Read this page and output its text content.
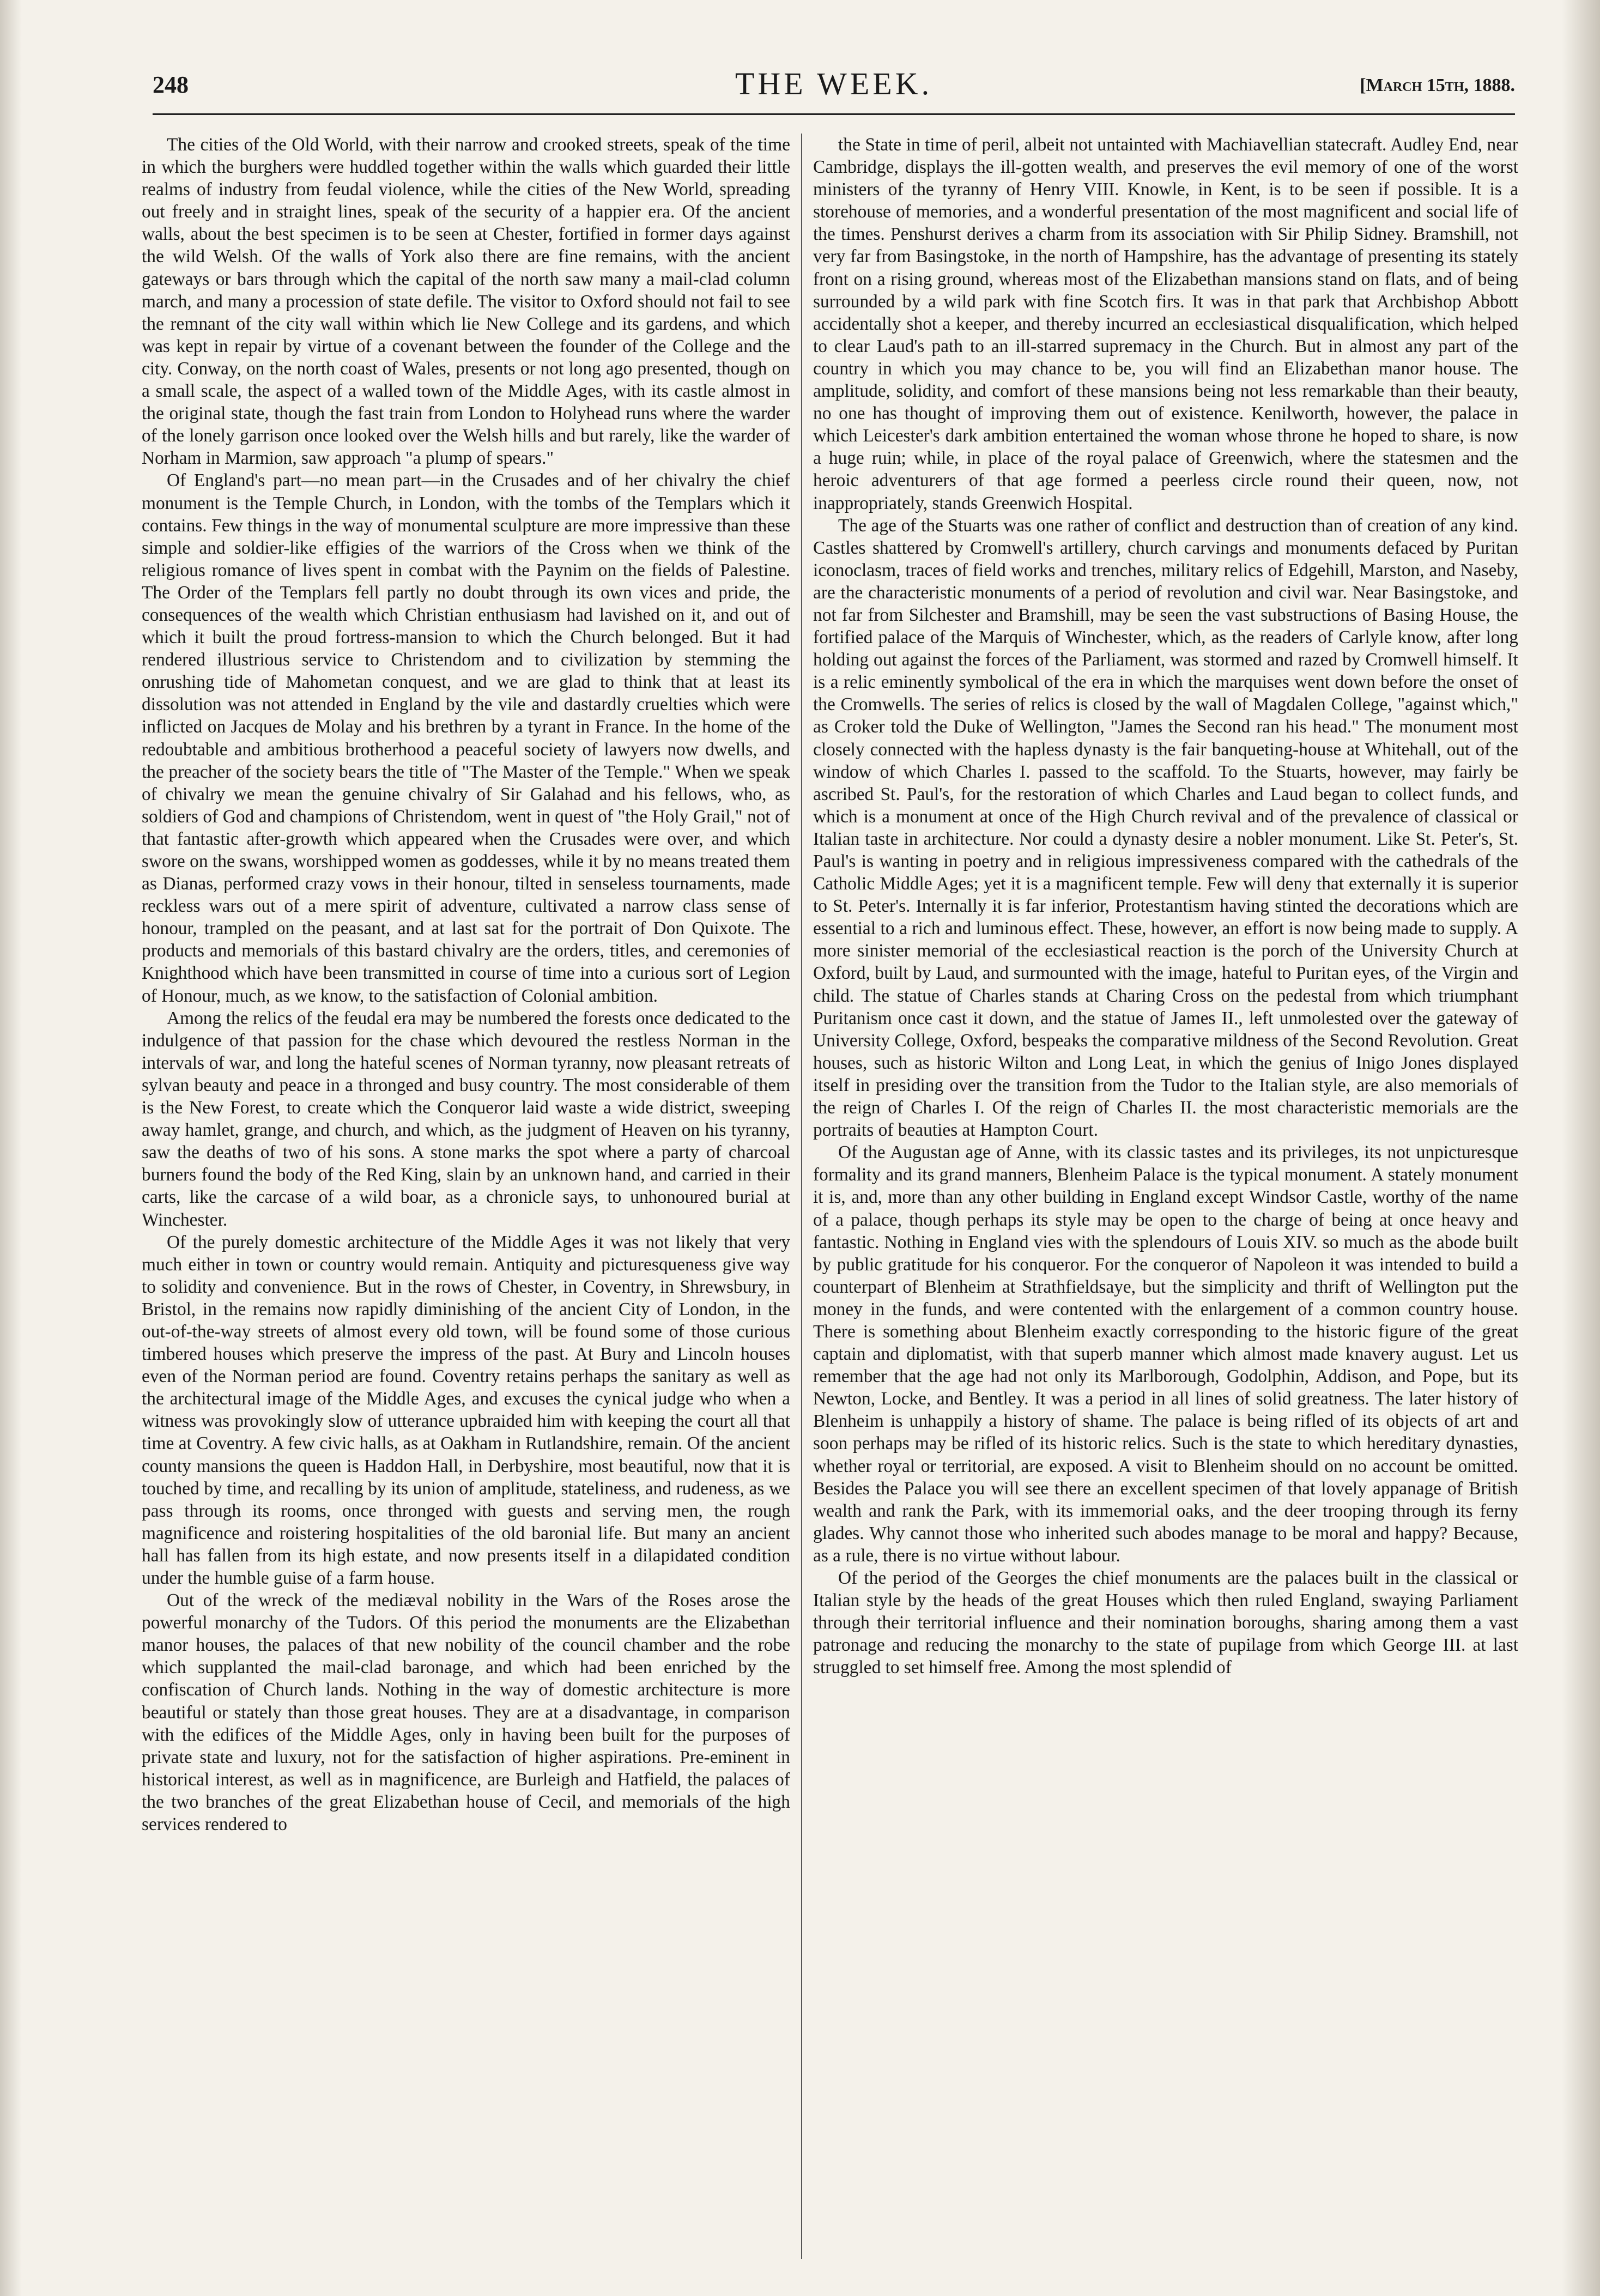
248	THE WEEK.	[March 15th, 1888.

The cities of the Old World, with their narrow and crooked streets, speak of the time in which the burghers were huddled together within the walls which guarded their little realms of industry from feudal violence, while the cities of the New World, spreading out freely and in straight lines, speak of the security of a happier era. Of the ancient walls, about the best specimen is to be seen at Chester, fortified in former days against the wild Welsh. Of the walls of York also there are fine remains, with the ancient gateways or bars through which the capital of the north saw many a mail-clad column march, and many a procession of state defile. The visitor to Oxford should not fail to see the remnant of the city wall within which lie New College and its gardens, and which was kept in repair by virtue of a covenant between the founder of the College and the city. Conway, on the north coast of Wales, presents or not long ago presented, though on a small scale, the aspect of a walled town of the Middle Ages, with its castle almost in the original state, though the fast train from London to Holyhead runs where the warder of the lonely garrison once looked over the Welsh hills and but rarely, like the warder of Norham in Marmion, saw approach "a plump of spears."

Of England's part—no mean part—in the Crusades and of her chivalry the chief monument is the Temple Church, in London, with the tombs of the Templars which it contains. Few things in the way of monumental sculpture are more impressive than these simple and soldier-like effigies of the warriors of the Cross when we think of the religious romance of lives spent in combat with the Paynim on the fields of Palestine. The Order of the Templars fell partly no doubt through its own vices and pride, the consequences of the wealth which Christian enthusiasm had lavished on it, and out of which it built the proud fortress-mansion to which the Church belonged. But it had rendered illustrious service to Christendom and to civilization by stemming the onrushing tide of Mahometan conquest, and we are glad to think that at least its dissolution was not attended in England by the vile and dastardly cruelties which were inflicted on Jacques de Molay and his brethren by a tyrant in France. In the home of the redoubtable and ambitious brotherhood a peaceful society of lawyers now dwells, and the preacher of the society bears the title of "The Master of the Temple." When we speak of chivalry we mean the genuine chivalry of Sir Galahad and his fellows, who, as soldiers of God and champions of Christendom, went in quest of "the Holy Grail," not of that fantastic after-growth which appeared when the Crusades were over, and which swore on the swans, worshipped women as goddesses, while it by no means treated them as Dianas, performed crazy vows in their honour, tilted in senseless tournaments, made reckless wars out of a mere spirit of adventure, cultivated a narrow class sense of honour, trampled on the peasant, and at last sat for the portrait of Don Quixote. The products and memorials of this bastard chivalry are the orders, titles, and ceremonies of Knighthood which have been transmitted in course of time into a curious sort of Legion of Honour, much, as we know, to the satisfaction of Colonial ambition.

Among the relics of the feudal era may be numbered the forests once dedicated to the indulgence of that passion for the chase which devoured the restless Norman in the intervals of war, and long the hateful scenes of Norman tyranny, now pleasant retreats of sylvan beauty and peace in a thronged and busy country. The most considerable of them is the New Forest, to create which the Conqueror laid waste a wide district, sweeping away hamlet, grange, and church, and which, as the judgment of Heaven on his tyranny, saw the deaths of two of his sons. A stone marks the spot where a party of charcoal burners found the body of the Red King, slain by an unknown hand, and carried in their carts, like the carcase of a wild boar, as a chronicle says, to unhonoured burial at Winchester.

Of the purely domestic architecture of the Middle Ages it was not likely that very much either in town or country would remain. Antiquity and picturesqueness give way to solidity and convenience. But in the rows of Chester, in Coventry, in Shrewsbury, in Bristol, in the remains now rapidly diminishing of the ancient City of London, in the out-of-the-way streets of almost every old town, will be found some of those curious timbered houses which preserve the impress of the past. At Bury and Lincoln houses even of the Norman period are found. Coventry retains perhaps the sanitary as well as the architectural image of the Middle Ages, and excuses the cynical judge who when a witness was provokingly slow of utterance upbraided him with keeping the court all that time at Coventry. A few civic halls, as at Oakham in Rutlandshire, remain. Of the ancient county mansions the queen is Haddon Hall, in Derbyshire, most beautiful, now that it is touched by time, and recalling by its union of amplitude, stateliness, and rudeness, as we pass through its rooms, once thronged with guests and serving men, the rough magnificence and roistering hospitalities of the old baronial life. But many an ancient hall has fallen from its high estate, and now presents itself in a dilapidated condition under the humble guise of a farm house.

Out of the wreck of the mediæval nobility in the Wars of the Roses arose the powerful monarchy of the Tudors. Of this period the monuments are the Elizabethan manor houses, the palaces of that new nobility of the council chamber and the robe which supplanted the mail-clad baronage, and which had been enriched by the confiscation of Church lands. Nothing in the way of domestic architecture is more beautiful or stately than those great houses. They are at a disadvantage, in comparison with the edifices of the Middle Ages, only in having been built for the purposes of private state and luxury, not for the satisfaction of higher aspirations. Pre-eminent in historical interest, as well as in magnificence, are Burleigh and Hatfield, the palaces of the two branches of the great Elizabethan house of Cecil, and memorials of the high services rendered to

the State in time of peril, albeit not untainted with Machiavellian statecraft. Audley End, near Cambridge, displays the ill-gotten wealth, and preserves the evil memory of one of the worst ministers of the tyranny of Henry VIII. Knowle, in Kent, is to be seen if possible. It is a storehouse of memories, and a wonderful presentation of the most magnificent and social life of the times. Penshurst derives a charm from its association with Sir Philip Sidney. Bramshill, not very far from Basingstoke, in the north of Hampshire, has the advantage of presenting its stately front on a rising ground, whereas most of the Elizabethan mansions stand on flats, and of being surrounded by a wild park with fine Scotch firs. It was in that park that Archbishop Abbott accidentally shot a keeper, and thereby incurred an ecclesiastical disqualification, which helped to clear Laud's path to an ill-starred supremacy in the Church. But in almost any part of the country in which you may chance to be, you will find an Elizabethan manor house. The amplitude, solidity, and comfort of these mansions being not less remarkable than their beauty, no one has thought of improving them out of existence. Kenilworth, however, the palace in which Leicester's dark ambition entertained the woman whose throne he hoped to share, is now a huge ruin; while, in place of the royal palace of Greenwich, where the statesmen and the heroic adventurers of that age formed a peerless circle round their queen, now, not inappropriately, stands Greenwich Hospital.

The age of the Stuarts was one rather of conflict and destruction than of creation of any kind. Castles shattered by Cromwell's artillery, church carvings and monuments defaced by Puritan iconoclasm, traces of field works and trenches, military relics of Edgehill, Marston, and Naseby, are the characteristic monuments of a period of revolution and civil war. Near Basingstoke, and not far from Silchester and Bramshill, may be seen the vast substructions of Basing House, the fortified palace of the Marquis of Winchester, which, as the readers of Carlyle know, after long holding out against the forces of the Parliament, was stormed and razed by Cromwell himself. It is a relic eminently symbolical of the era in which the marquises went down before the onset of the Cromwells. The series of relics is closed by the wall of Magdalen College, "against which," as Croker told the Duke of Wellington, "James the Second ran his head." The monument most closely connected with the hapless dynasty is the fair banqueting-house at Whitehall, out of the window of which Charles I. passed to the scaffold. To the Stuarts, however, may fairly be ascribed St. Paul's, for the restoration of which Charles and Laud began to collect funds, and which is a monument at once of the High Church revival and of the prevalence of classical or Italian taste in architecture. Nor could a dynasty desire a nobler monument. Like St. Peter's, St. Paul's is wanting in poetry and in religious impressiveness compared with the cathedrals of the Catholic Middle Ages; yet it is a magnificent temple. Few will deny that externally it is superior to St. Peter's. Internally it is far inferior, Protestantism having stinted the decorations which are essential to a rich and luminous effect. These, however, an effort is now being made to supply. A more sinister memorial of the ecclesiastical reaction is the porch of the University Church at Oxford, built by Laud, and surmounted with the image, hateful to Puritan eyes, of the Virgin and child. The statue of Charles stands at Charing Cross on the pedestal from which triumphant Puritanism once cast it down, and the statue of James II., left unmolested over the gateway of University College, Oxford, bespeaks the comparative mildness of the Second Revolution. Great houses, such as historic Wilton and Long Leat, in which the genius of Inigo Jones displayed itself in presiding over the transition from the Tudor to the Italian style, are also memorials of the reign of Charles I. Of the reign of Charles II. the most characteristic memorials are the portraits of beauties at Hampton Court.

Of the Augustan age of Anne, with its classic tastes and its privileges, its not unpicturesque formality and its grand manners, Blenheim Palace is the typical monument. A stately monument it is, and, more than any other building in England except Windsor Castle, worthy of the name of a palace, though perhaps its style may be open to the charge of being at once heavy and fantastic. Nothing in England vies with the splendours of Louis XIV. so much as the abode built by public gratitude for his conqueror. For the conqueror of Napoleon it was intended to build a counterpart of Blenheim at Strathfieldsaye, but the simplicity and thrift of Wellington put the money in the funds, and were contented with the enlargement of a common country house. There is something about Blenheim exactly corresponding to the historic figure of the great captain and diplomatist, with that superb manner which almost made knavery august. Let us remember that the age had not only its Marlborough, Godolphin, Addison, and Pope, but its Newton, Locke, and Bentley. It was a period in all lines of solid greatness. The later history of Blenheim is unhappily a history of shame. The palace is being rifled of its objects of art and soon perhaps may be rifled of its historic relics. Such is the state to which hereditary dynasties, whether royal or territorial, are exposed. A visit to Blenheim should on no account be omitted. Besides the Palace you will see there an excellent specimen of that lovely appanage of British wealth and rank the Park, with its immemorial oaks, and the deer trooping through its ferny glades. Why cannot those who inherited such abodes manage to be moral and happy? Because, as a rule, there is no virtue without labour.

Of the period of the Georges the chief monuments are the palaces built in the classical or Italian style by the heads of the great Houses which then ruled England, swaying Parliament through their territorial influence and their nomination boroughs, sharing among them a vast patronage and reducing the monarchy to the state of pupilage from which George III. at last struggled to set himself free. Among the most splendid of
